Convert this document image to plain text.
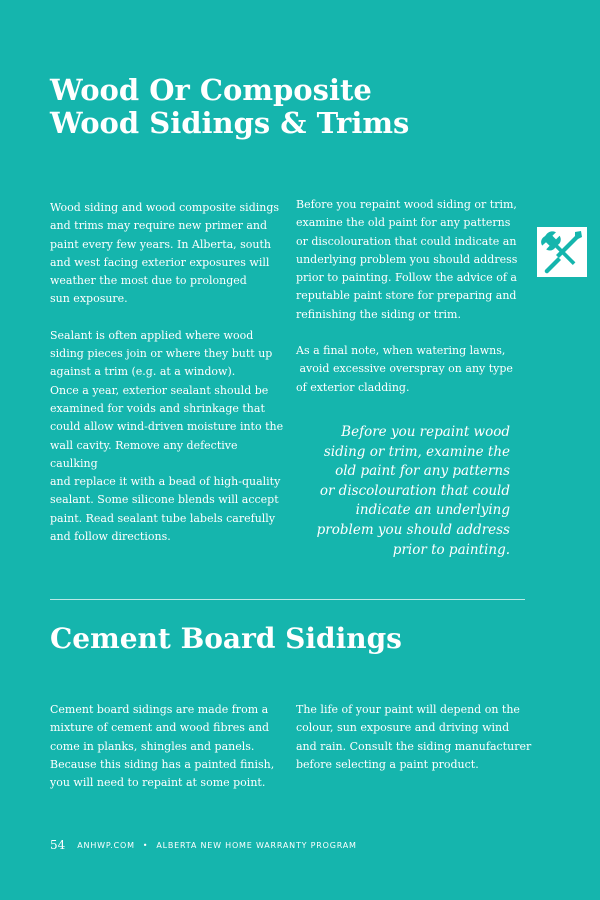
Wood Or Composite
Wood Sidings & Trims

Wood siding and wood composite sidings
and trims may require new primer and
paint every few years. In Alberta, south
and west facing exterior exposures will
weather the most due to prolonged
sun exposure.

Sealant is often applied where wood
siding pieces join or where they butt up
against a trim (e.g. at a window).
Once a year, exterior sealant should be
examined for voids and shrinkage that
could allow wind-driven moisture into the
wall cavity. Remove any defective caulking
and replace it with a bead of high-quality
sealant. Some silicone blends will accept
paint. Read sealant tube labels carefully
and follow directions.

Before you repaint wood siding or trim,
examine the old paint for any patterns
or discolouration that could indicate an
underlying problem you should address
prior to painting. Follow the advice of a
reputable paint store for preparing and
refinishing the siding or trim.

As a final note, when watering lawns,
avoid excessive overspray on any type
of exterior cladding.

Before you repaint wood
siding or trim, examine the
old paint for any patterns
or discolouration that could
indicate an underlying
problem you should address
prior to painting.

Cement Board Sidings

Cement board sidings are made from a
mixture of cement and wood fibres and
come in planks, shingles and panels.
Because this siding has a painted finish,
you will need to repaint at some point.

The life of your paint will depend on the
colour, sun exposure and driving wind
and rain. Consult the siding manufacturer
before selecting a paint product.

54 ANHWP.COM • ALBERTA NEW HOME WARRANTY PROGRAM
